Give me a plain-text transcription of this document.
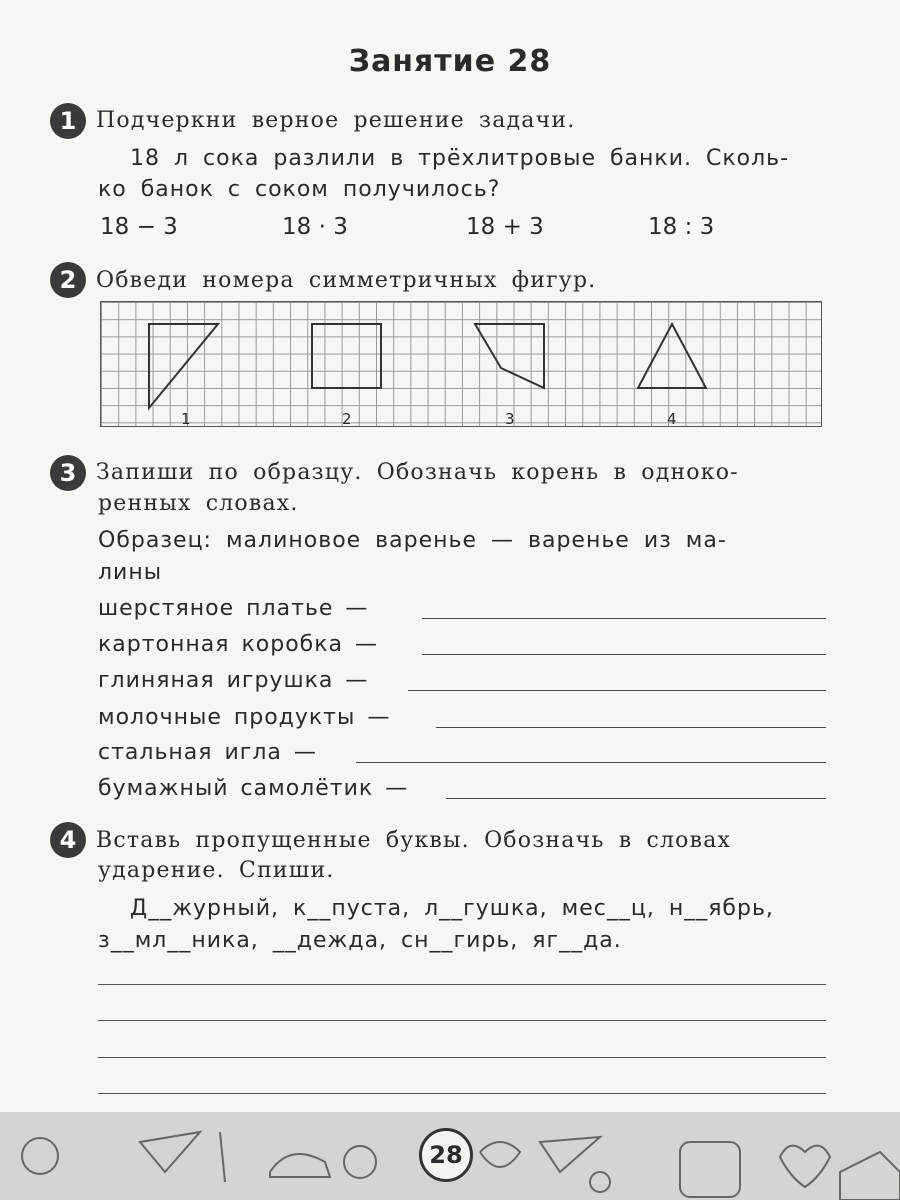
Занятие 28
1 Подчеркни верное решение задачи.
18 л сока разлили в трёхлитровые банки. Сколь-
ко банок с соком получилось?
18 − 3	18 · 3	18 + 3	18 : 3
2 Обведи номера симметричных фигур.
1	2	3	4
3 Запиши по образцу. Обозначь корень в одноко-
ренных словах.
Образец: малиновое варенье — варенье из ма-
лины
шерстяное платье —
картонная коробка —
глиняная игрушка —
молочные продукты —
стальная игла —
бумажный самолётик —
4 Вставь пропущенные буквы. Обозначь в словах
ударение. Спиши.
Д__журный, к__пуста, л__гушка, мес__ц, н__ябрь,
з__мл__ника, __дежда, сн__гирь, яг__да.
28
